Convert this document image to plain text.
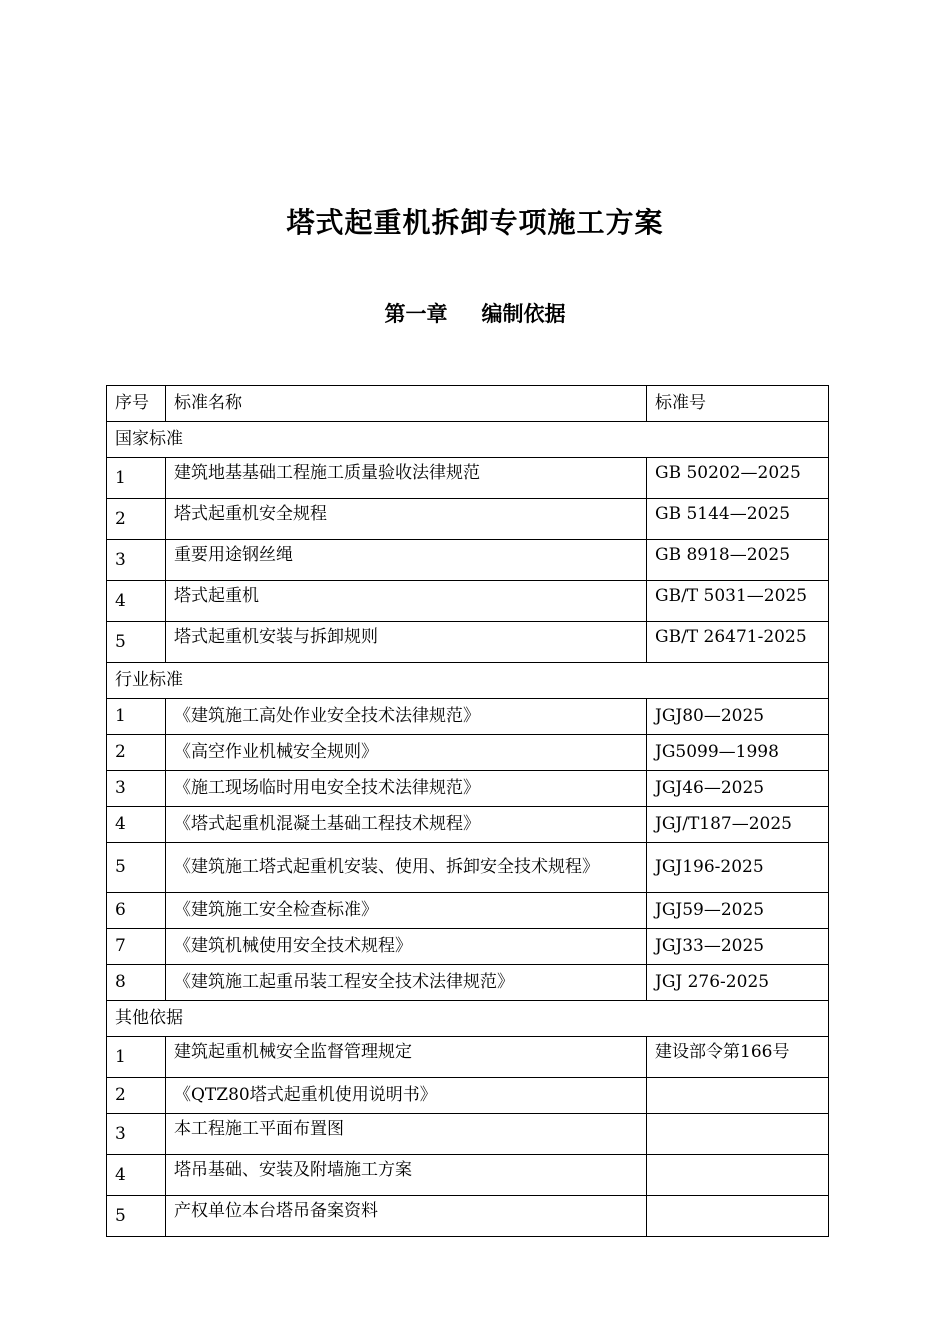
塔式起重机拆卸专项施工方案
第一章 编制依据
序号	标准名称	标准号
国家标准		
1	建筑地基基础工程施工质量验收法律规范	GB 50202—2025
2	塔式起重机安全规程	GB 5144—2025
3	重要用途钢丝绳	GB 8918—2025
4	塔式起重机	GB/T 5031—2025
5	塔式起重机安装与拆卸规则	GB/T 26471-2025
行业标准		
1	《建筑施工高处作业安全技术法律规范》	JGJ80—2025
2	《高空作业机械安全规则》	JG5099—1998
3	《施工现场临时用电安全技术法律规范》	JGJ46—2025
4	《塔式起重机混凝土基础工程技术规程》	JGJ/T187—2025
5	《建筑施工塔式起重机安装、使用、拆卸安全技术规程》	JGJ196-2025
6	《建筑施工安全检查标准》	JGJ59—2025
7	《建筑机械使用安全技术规程》	JGJ33—2025
8	《建筑施工起重吊装工程安全技术法律规范》	JGJ 276-2025
其他依据		
1	建筑起重机械安全监督管理规定	建设部令第166号
2	《QTZ80塔式起重机使用说明书》	
3	本工程施工平面布置图	
4	塔吊基础、安装及附墙施工方案	
5	产权单位本台塔吊备案资料	
